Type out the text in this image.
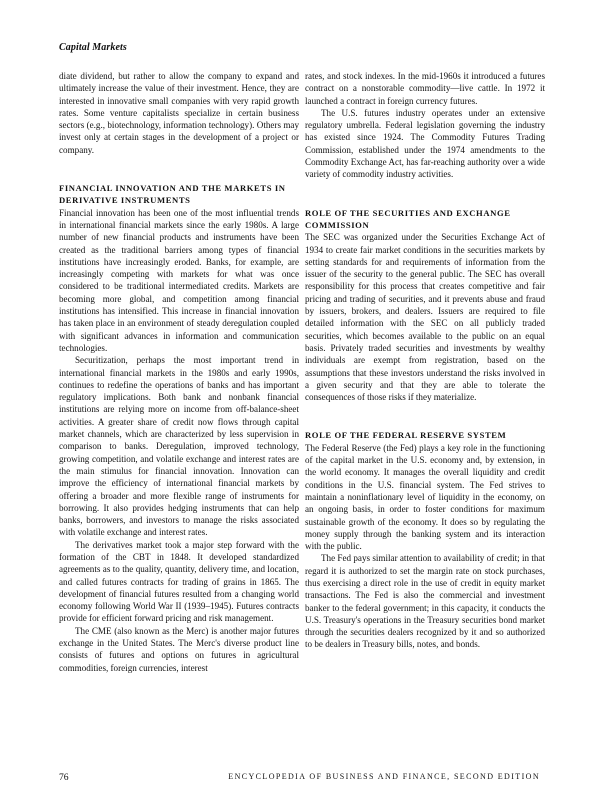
Capital Markets

diate dividend, but rather to allow the company to expand and ultimately increase the value of their investment. Hence, they are interested in innovative small companies with very rapid growth rates. Some venture capitalists specialize in certain business sectors (e.g., biotechnology, information technology). Others may invest only at certain stages in the development of a project or company.

FINANCIAL INNOVATION AND THE MARKETS IN DERIVATIVE INSTRUMENTS

Financial innovation has been one of the most influential trends in international financial markets since the early 1980s. A large number of new financial products and instruments have been created as the traditional barriers among types of financial institutions have increasingly eroded. Banks, for example, are increasingly competing with markets for what was once considered to be traditional intermediated credits. Markets are becoming more global, and competition among financial institutions has intensified. This increase in financial innovation has taken place in an environment of steady deregulation coupled with significant advances in information and communication technologies.

Securitization, perhaps the most important trend in international financial markets in the 1980s and early 1990s, continues to redefine the operations of banks and has important regulatory implications. Both bank and nonbank financial institutions are relying more on income from off-balance-sheet activities. A greater share of credit now flows through capital market channels, which are characterized by less supervision in comparison to banks. Deregulation, improved technology, growing competition, and volatile exchange and interest rates are the main stimulus for financial innovation. Innovation can improve the efficiency of international financial markets by offering a broader and more flexible range of instruments for borrowing. It also provides hedging instruments that can help banks, borrowers, and investors to manage the risks associated with volatile exchange and interest rates.

The derivatives market took a major step forward with the formation of the CBT in 1848. It developed standardized agreements as to the quality, quantity, delivery time, and location, and called futures contracts for trading of grains in 1865. The development of financial futures resulted from a changing world economy following World War II (1939–1945). Futures contracts provide for efficient forward pricing and risk management.

The CME (also known as the Merc) is another major futures exchange in the United States. The Merc's diverse product line consists of futures and options on futures in agricultural commodities, foreign currencies, interest

rates, and stock indexes. In the mid-1960s it introduced a futures contract on a nonstorable commodity—live cattle. In 1972 it launched a contract in foreign currency futures.

The U.S. futures industry operates under an extensive regulatory umbrella. Federal legislation governing the industry has existed since 1924. The Commodity Futures Trading Commission, established under the 1974 amendments to the Commodity Exchange Act, has far-reaching authority over a wide variety of commodity industry activities.

ROLE OF THE SECURITIES AND EXCHANGE COMMISSION

The SEC was organized under the Securities Exchange Act of 1934 to create fair market conditions in the securities markets by setting standards for and requirements of information from the issuer of the security to the general public. The SEC has overall responsibility for this process that creates competitive and fair pricing and trading of securities, and it prevents abuse and fraud by issuers, brokers, and dealers. Issuers are required to file detailed information with the SEC on all publicly traded securities, which becomes available to the public on an equal basis. Privately traded securities and investments by wealthy individuals are exempt from registration, based on the assumptions that these investors understand the risks involved in a given security and that they are able to tolerate the consequences of those risks if they materialize.

ROLE OF THE FEDERAL RESERVE SYSTEM

The Federal Reserve (the Fed) plays a key role in the functioning of the capital market in the U.S. economy and, by extension, in the world economy. It manages the overall liquidity and credit conditions in the U.S. financial system. The Fed strives to maintain a noninflationary level of liquidity in the economy, on an ongoing basis, in order to foster conditions for maximum sustainable growth of the economy. It does so by regulating the money supply through the banking system and its interaction with the public.

The Fed pays similar attention to availability of credit; in that regard it is authorized to set the margin rate on stock purchases, thus exercising a direct role in the use of credit in equity market transactions. The Fed is also the commercial and investment banker to the federal government; in this capacity, it conducts the U.S. Treasury's operations in the Treasury securities bond market through the securities dealers recognized by it and so authorized to be dealers in Treasury bills, notes, and bonds.

76	ENCYCLOPEDIA OF BUSINESS AND FINANCE, SECOND EDITION
